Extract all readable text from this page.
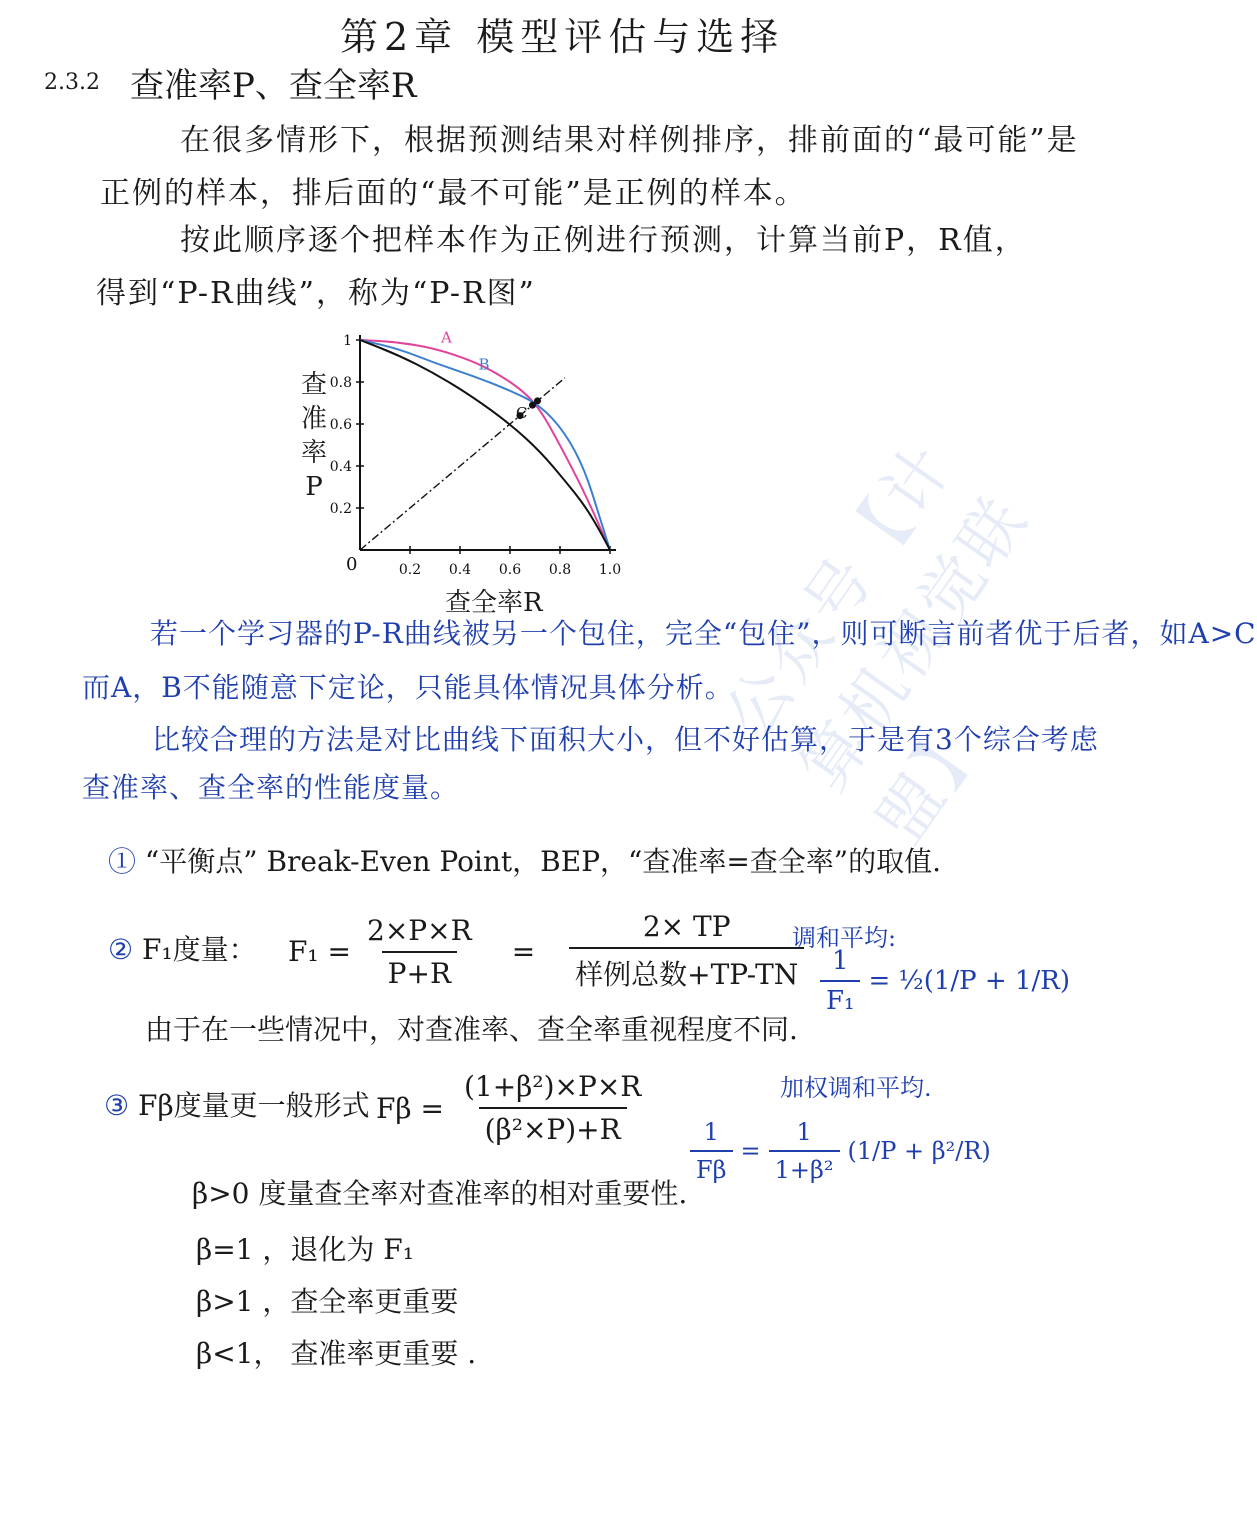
公众号【计算机视觉联盟】
第2章 模型评估与选择
2.3.2 查准率P、查全率R
在很多情形下，根据预测结果对样例排序，排前面的“最可能”是
正例的样本，排后面的“最不可能”是正例的样本。
按此顺序逐个把样本作为正例进行预测，计算当前P，R值，
得到“P-R曲线”，称为“P-R图”
0.2 0.4 0.6 0.8 1.0
0.2
0.4
0.6
0.8
1
0
A
B
C
查准率P
查全率R
若一个学习器的P-R曲线被另一个包住，完全“包住”，则可断言前者优于后者，如A>C
而A，B不能随意下定论，只能具体情况具体分析。
比较合理的方法是对比曲线下面积大小，但不好估算，于是有3个综合考虑
查准率、查全率的性能度量。
① “平衡点” Break-Even Point，BEP，“查准率=查全率”的取值.
② F₁度量： $F_1 = \frac{2\times P\times R}{P+R} = \frac{2\times TP}{\text{样例总数+TP-TN}}$
调和平均:
$\frac{1}{\text{F₁}}$ = ½(1/P + 1/R)
由于在一些情况中，对查准率、查全率重视程度不同.
③ Fβ度量更一般形式 $F\beta = \frac{\text{(1+β²)×P×R}}{\text{(β²×P)+R}}$	加权调和平均.
$\frac{1}{F\beta} = \frac{1}{\text{1+β²}} (1/P + \beta^2/R)$
β>0 度量查全率对查准率的相对重要性.
β=1 ，退化为 F₁
β>1 ，查全率更重要
β<1， 查准率更重要 .
